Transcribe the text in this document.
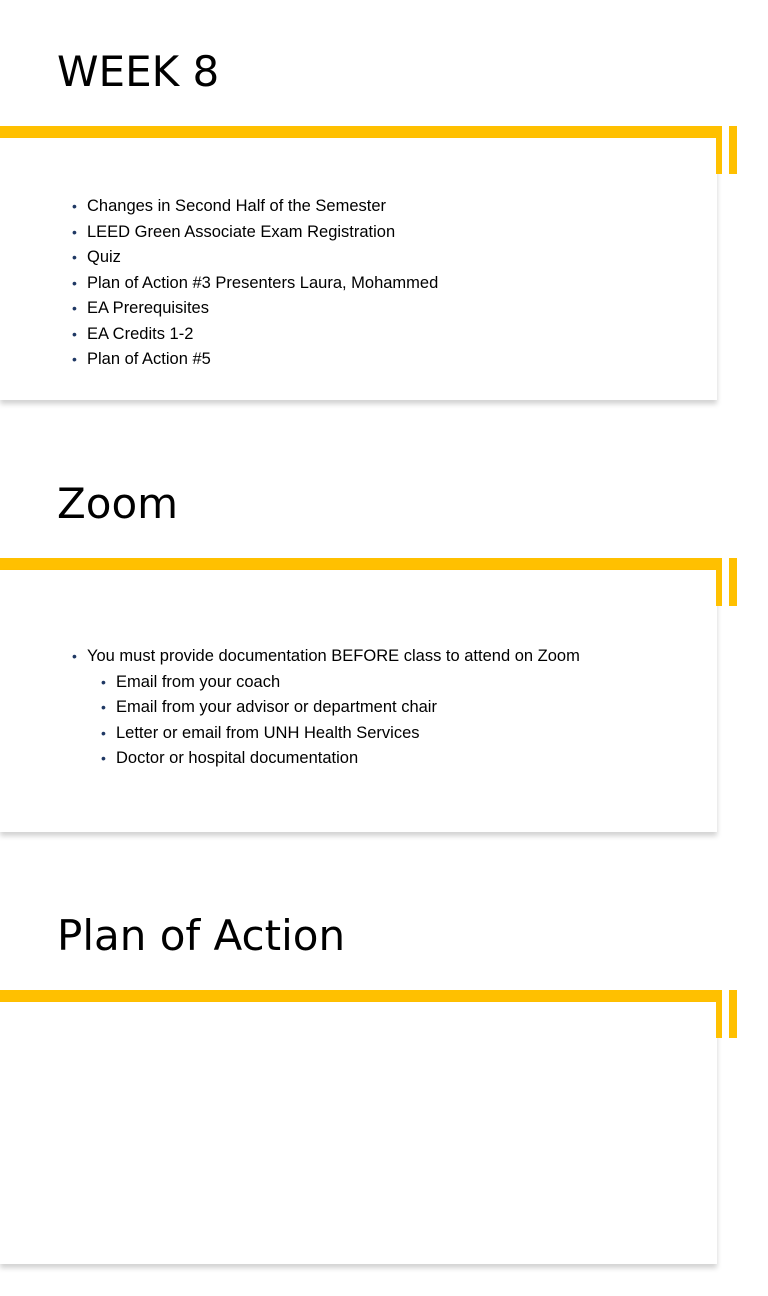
WEEK 8
• Changes in Second Half of the Semester
• LEED Green Associate Exam Registration
• Quiz
• Plan of Action #3 Presenters Laura, Mohammed
• EA Prerequisites
• EA Credits 1-2
• Plan of Action #5
Zoom
• You must provide documentation BEFORE class to attend on Zoom
• Email from your coach
• Email from your advisor or department chair
• Letter or email from UNH Health Services
• Doctor or hospital documentation
Plan of Action
